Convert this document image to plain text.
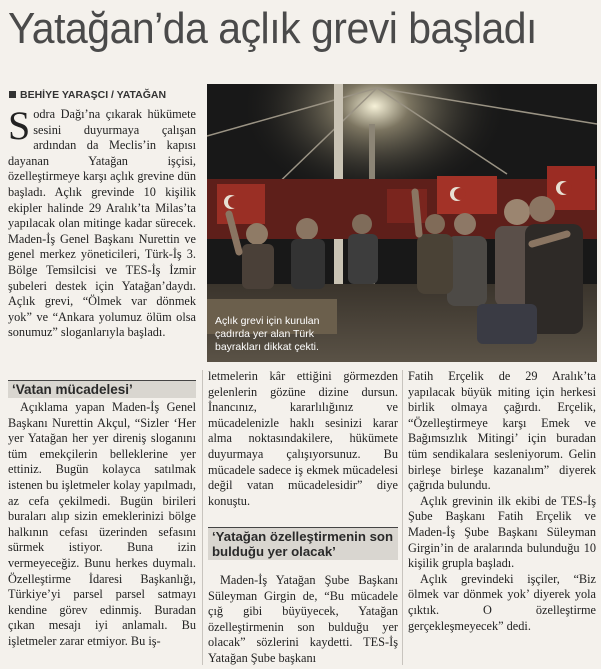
Yatağan’da açlık grevi başladı
BEHİYE YARAŞCI / YATAĞAN
Açlık grevi için kurulan çadırda yer alan Türk bayrakları dikkat çekti.
Sodra Dağı’na çıkarak hükümete sesini duyurmaya çalışan ardından da Meclis’in kapısı dayanan Yatağan işçisi, özelleştirmeye karşı açlık grevine dün başladı. Açlık grevinde 10 kişilik ekipler halinde 29 Aralık’ta Milas’ta yapılacak olan mitinge kadar sürecek. Maden-İş Genel Başkanı Nurettin ve genel merkez yöneticileri, Türk-İş 3. Bölge Temsilcisi ve TES-İş İzmir şubeleri destek için Yatağan’daydı. Açlık grevi, “Ölmek var dönmek yok” ve “Ankara yolumuz ölüm olsa sonumuz” sloganlarıyla başladı.
‘Vatan mücadelesi’

Açıklama yapan Maden-İş Genel Başkanı Nurettin Akçul, “Sizler ‘Her yer Yatağan her yer direniş sloganını tüm emekçilerin belleklerine yer ettiniz. Bugün kolayca satılmak istenen bu işletmeler kolay yapılmadı, az cefa çekilmedi. Bugün birileri buraları alıp sizin emeklerinizi bölge halkının cefası üzerinden sefasını sürmek istiyor. Buna izin vermeyeceğiz. Bunu herkes duymalı. Özelleştirme İdaresi Başkanlığı, Türkiye’yi parsel parsel satmayı kendine görev edinmiş. Buradan çıkan mesajı iyi anlamalı. Bu işletmeler zarar etmiyor. Bu iş-

letmelerin kâr ettiğini görmezden gelenlerin gözüne dizine dursun. İnancınız, kararlılığınız ve mücadelenizle haklı sesinizi karar alma noktasındakilere, hükümete duyurmaya çalışıyorsunuz. Bu mücadele sadece iş ekmek mücadelesi değil vatan mücadelesidir” diye konuştu.

‘Yatağan özelleştirmenin son bulduğu yer olacak’

Maden-İş Yatağan Şube Başkanı Süleyman Girgin de, “Bu mücadele çığ gibi büyüyecek, Yatağan özelleştirmenin son bulduğu yer olacak” sözlerini kaydetti. TES-İş Yatağan Şube başkanı

Fatih Erçelik de 29 Aralık’ta yapılacak büyük miting için herkesi birlik olmaya çağırdı. Erçelik, “Özelleştirmeye karşı Emek ve Bağımsızlık Mitingi’ için buradan tüm sendikalara sesleniyorum. Gelin birleşe birleşe kazanalım” diyerek çağrıda bulundu.

Açlık grevinin ilk ekibi de TES-İş Şube Başkanı Fatih Erçelik ve Maden-İş Şube Başkanı Süleyman Girgin’in de aralarında bulunduğu 10 kişilik grupla başladı.

Açlık grevindeki işçiler, “Biz ölmek var dönmek yok’ diyerek yola çıktık. O özelleştirme gerçekleşmeyecek” dedi.
